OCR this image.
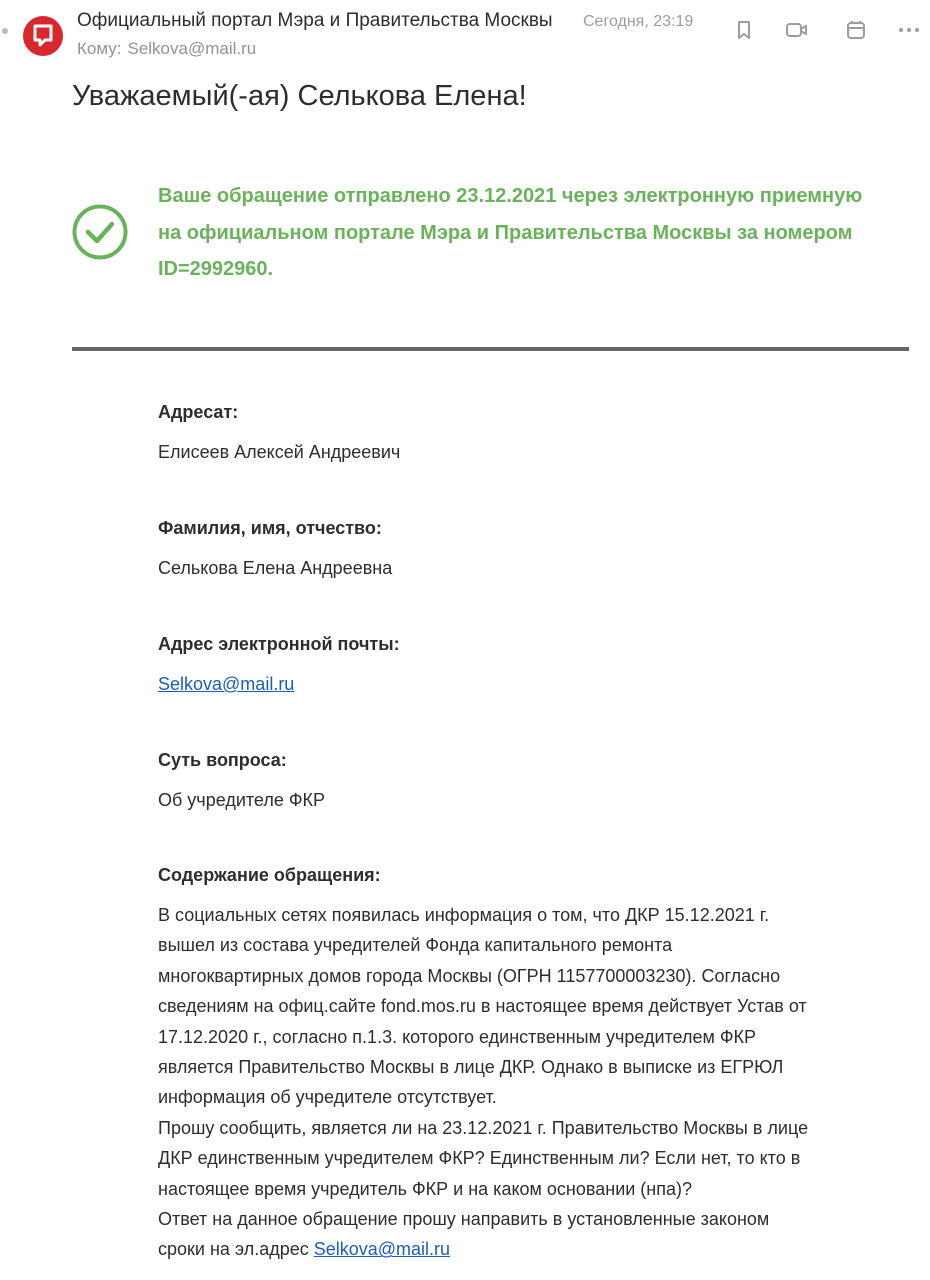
Официальный портал Мэра и Правительства Москвы Сегодня, 23:19
Кому: Selkova@mail.ru
Уважаемый(-ая) Селькова Елена!
Ваше обращение отправлено 23.12.2021 через электронную приемную
на официальном портале Мэра и Правительства Москвы за номером
ID=2992960.
Адресат:
Елисеев Алексей Андреевич
Фамилия, имя, отчество:
Селькова Елена Андреевна
Адрес электронной почты:
Selkova@mail.ru
Суть вопроса:
Об учредителе ФКР
Содержание обращения:
В социальных сетях появилась информация о том, что ДКР 15.12.2021 г.
вышел из состава учредителей Фонда капитального ремонта
многоквартирных домов города Москвы (ОГРН 1157700003230). Согласно
сведениям на офиц.сайте fond.mos.ru в настоящее время действует Устав от
17.12.2020 г., согласно п.1.3. которого единственным учредителем ФКР
является Правительство Москвы в лице ДКР. Однако в выписке из ЕГРЮЛ
информация об учредителе отсутствует.
Прошу сообщить, является ли на 23.12.2021 г. Правительство Москвы в лице
ДКР единственным учредителем ФКР? Единственным ли? Если нет, то кто в
настоящее время учредитель ФКР и на каком основании (нпа)?
Ответ на данное обращение прошу направить в установленные законом
сроки на эл.адрес Selkova@mail.ru
